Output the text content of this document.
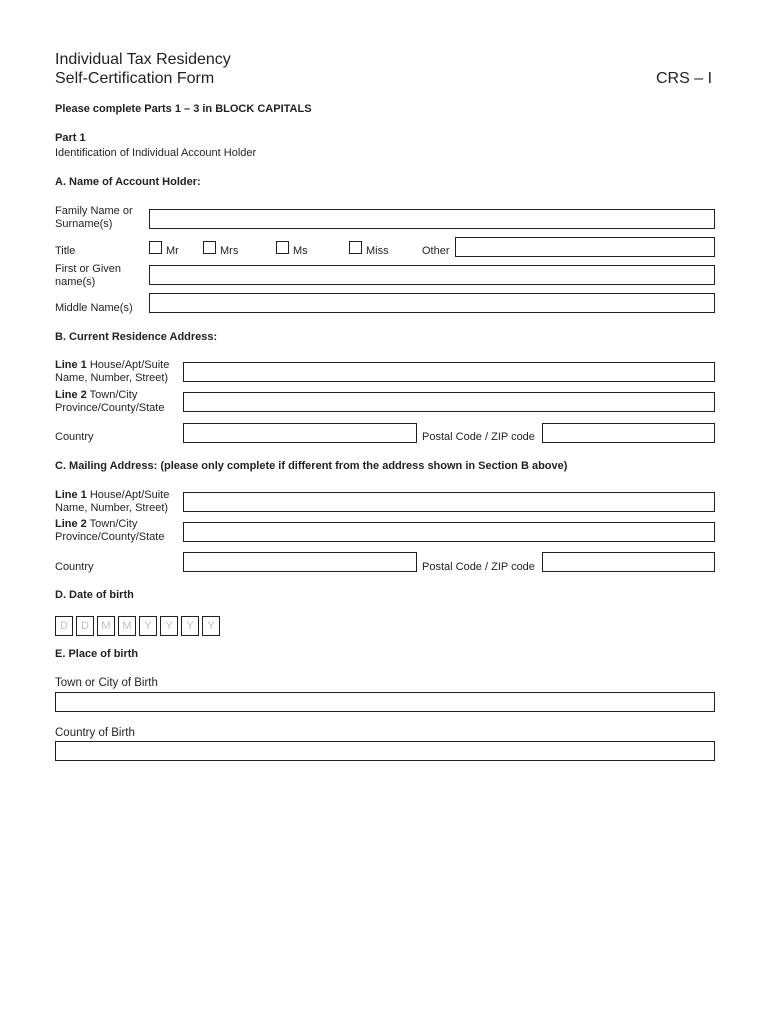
Individual Tax Residency
Self-Certification Form	CRS – I
Please complete Parts 1 – 3 in BLOCK CAPITALS
Part 1
Identification of Individual Account Holder
A. Name of Account Holder:
Family Name or
Surname(s)
Title	Mr	Mrs	Ms	Miss	Other
First or Given
name(s)
Middle Name(s)
B. Current Residence Address:
Line 1 House/Apt/Suite
Name, Number, Street)
Line 2 Town/City
Province/County/State
Country	Postal Code / ZIP code
C. Mailing Address: (please only complete if different from the address shown in Section B above)
Line 1 House/Apt/Suite
Name, Number, Street)
Line 2 Town/City
Province/County/State
Country	Postal Code / ZIP code
D. Date of birth
D	D	M	M	Y	Y	Y	Y
E. Place of birth
Town or City of Birth
Country of Birth
